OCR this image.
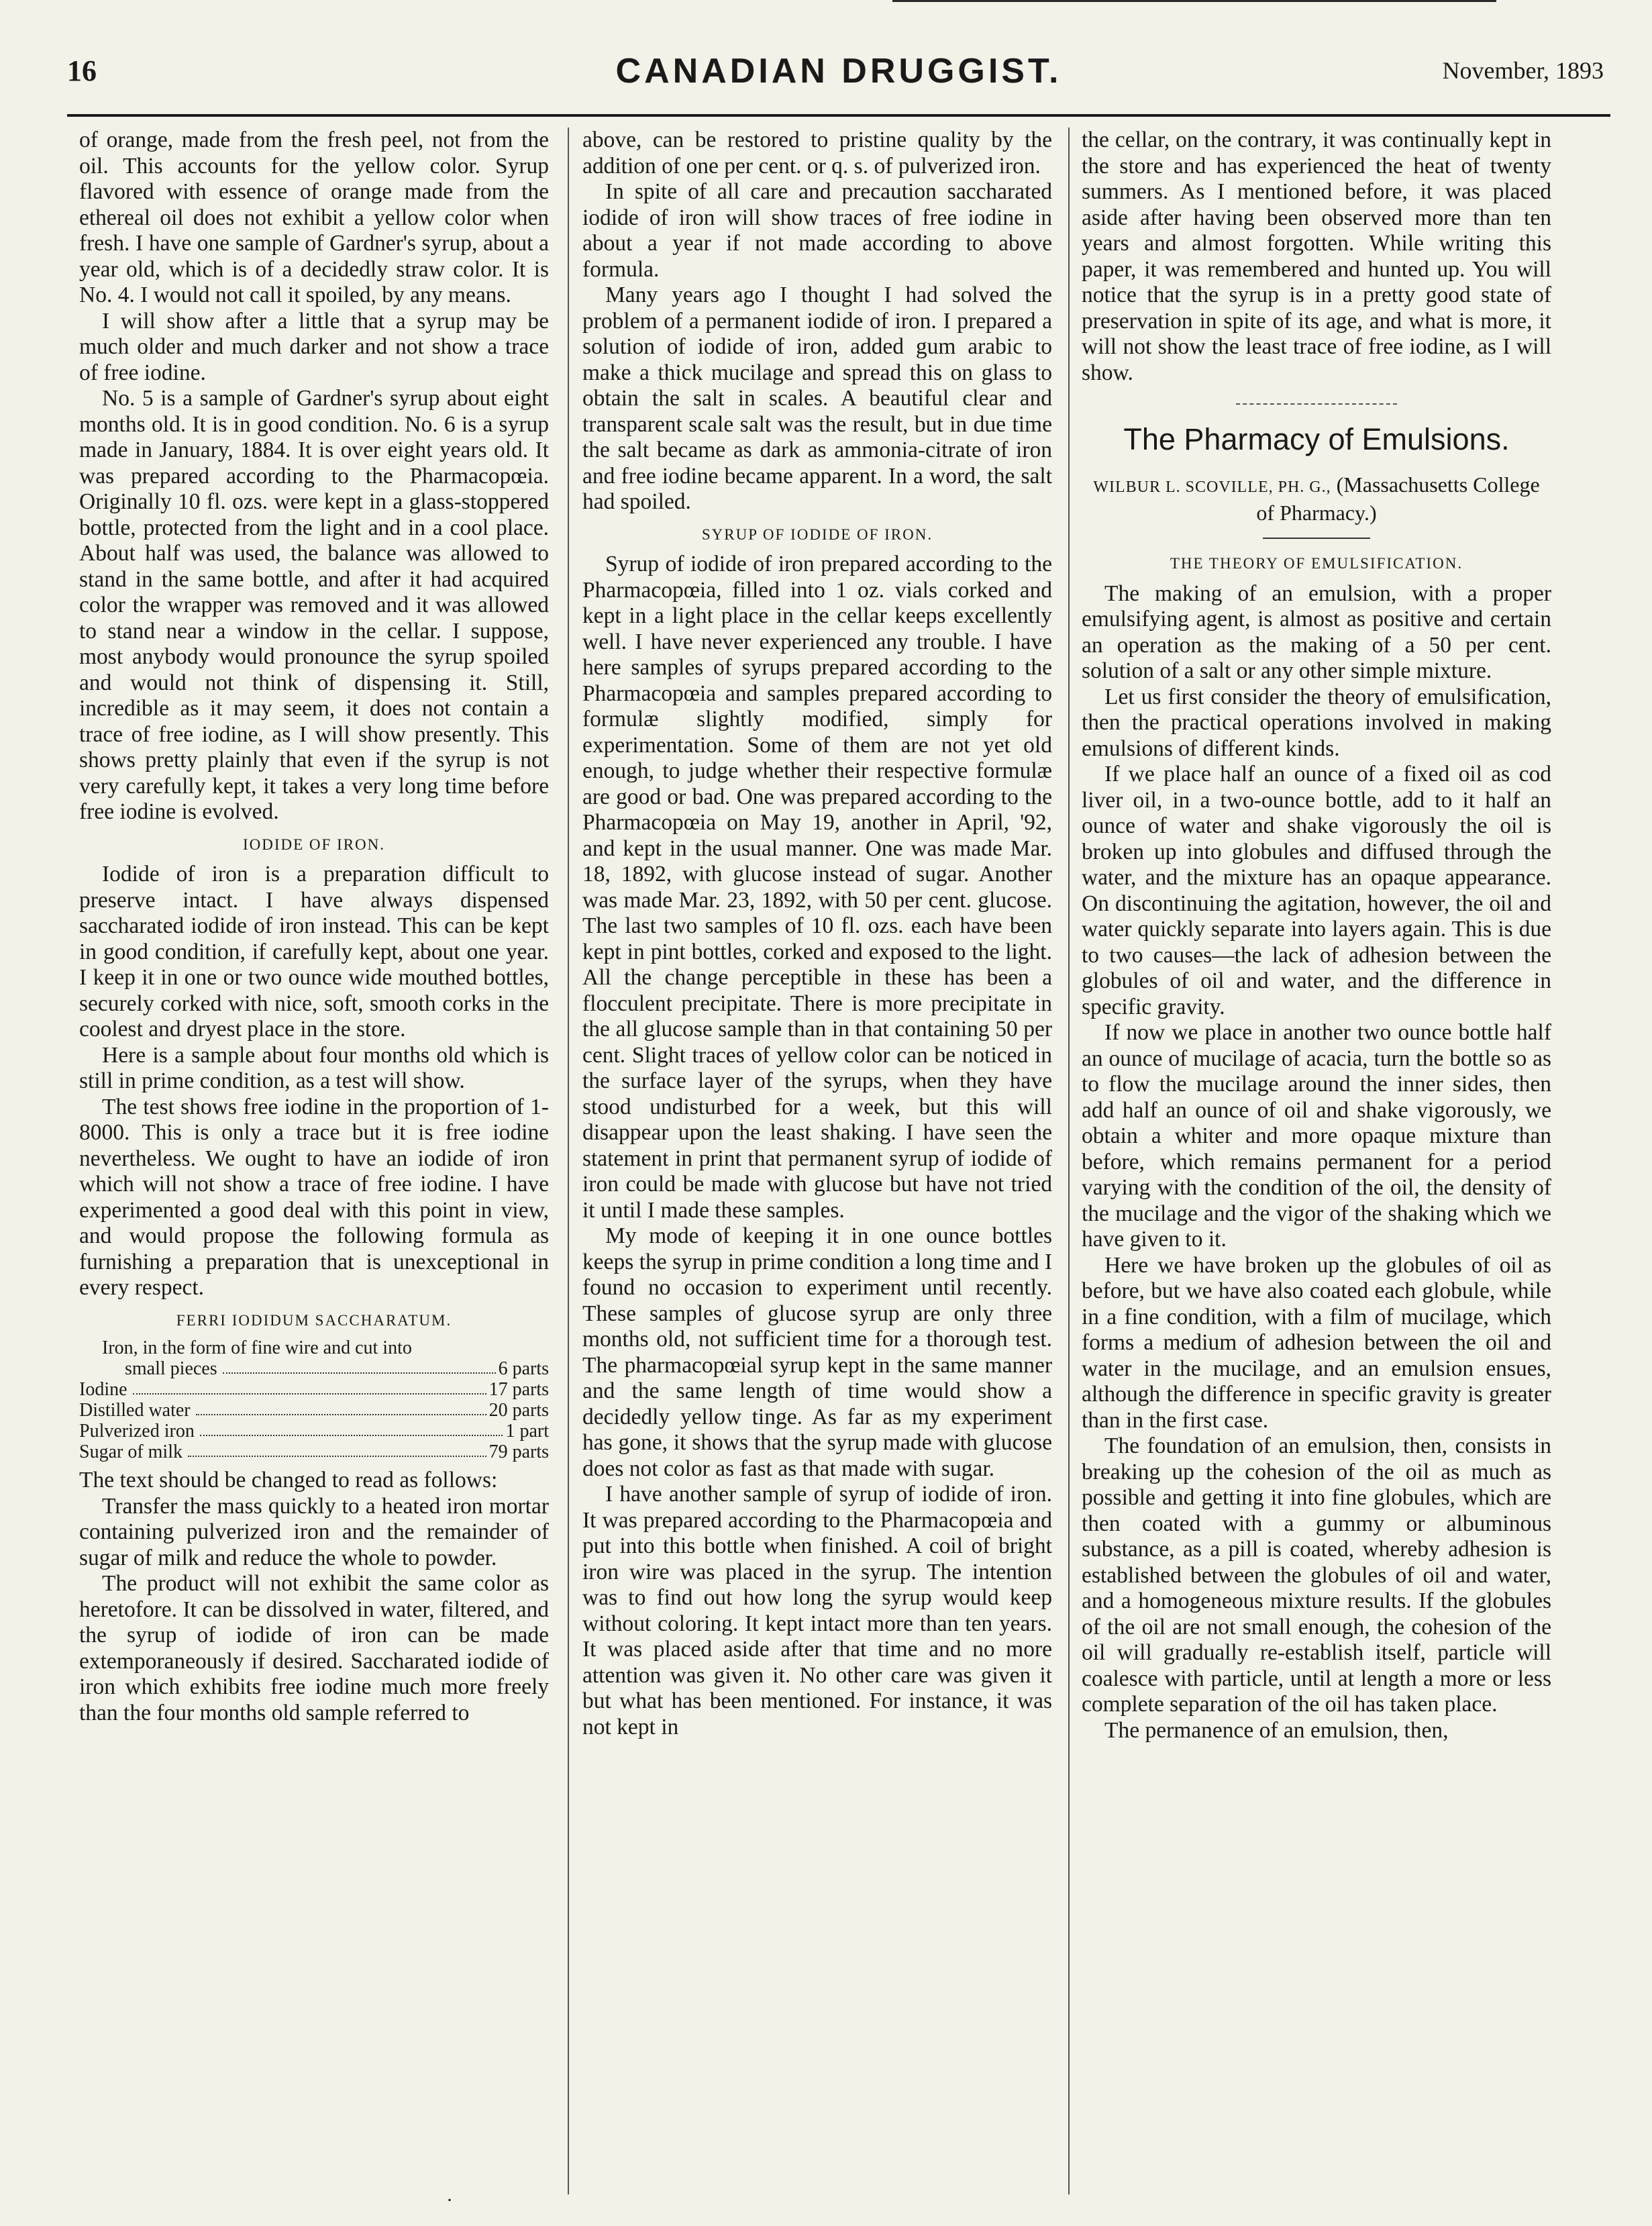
16	CANADIAN DRUGGIST.	November, 1893

of orange, made from the fresh peel, not from the oil. This accounts for the yellow color. Syrup flavored with essence of orange made from the ethereal oil does not exhibit a yellow color when fresh. I have one sample of Gardner's syrup, about a year old, which is of a decidedly straw color. It is No. 4. I would not call it spoiled, by any means.

I will show after a little that a syrup may be much older and much darker and not show a trace of free iodine.

No. 5 is a sample of Gardner's syrup about eight months old. It is in good condition. No. 6 is a syrup made in January, 1884. It is over eight years old. It was prepared according to the Pharmacopœia. Originally 10 fl. ozs. were kept in a glass-stoppered bottle, protected from the light and in a cool place. About half was used, the balance was allowed to stand in the same bottle, and after it had acquired color the wrapper was removed and it was allowed to stand near a window in the cellar. I suppose, most anybody would pronounce the syrup spoiled and would not think of dispensing it. Still, incredible as it may seem, it does not contain a trace of free iodine, as I will show presently. This shows pretty plainly that even if the syrup is not very carefully kept, it takes a very long time before free iodine is evolved.

IODIDE OF IRON.

Iodide of iron is a preparation difficult to preserve intact. I have always dispensed saccharated iodide of iron instead. This can be kept in good condition, if carefully kept, about one year. I keep it in one or two ounce wide mouthed bottles, securely corked with nice, soft, smooth corks in the coolest and dryest place in the store.

Here is a sample about four months old which is still in prime condition, as a test will show.

The test shows free iodine in the proportion of 1-8000. This is only a trace but it is free iodine nevertheless. We ought to have an iodide of iron which will not show a trace of free iodine. I have experimented a good deal with this point in view, and would propose the following formula as furnishing a preparation that is unexceptional in every respect.

FERRI IODIDUM SACCHARATUM.

Iron, in the form of fine wire and cut into
small pieces	6 parts
Iodine	17 parts
Distilled water	20 parts
Pulverized iron	1 part
Sugar of milk	79 parts

The text should be changed to read as follows:

Transfer the mass quickly to a heated iron mortar containing pulverized iron and the remainder of sugar of milk and reduce the whole to powder.

The product will not exhibit the same color as heretofore. It can be dissolved in water, filtered, and the syrup of iodide of iron can be made extemporaneously if desired. Saccharated iodide of iron which exhibits free iodine much more freely than the four months old sample referred to

above, can be restored to pristine quality by the addition of one per cent. or q. s. of pulverized iron.

In spite of all care and precaution saccharated iodide of iron will show traces of free iodine in about a year if not made according to above formula.

Many years ago I thought I had solved the problem of a permanent iodide of iron. I prepared a solution of iodide of iron, added gum arabic to make a thick mucilage and spread this on glass to obtain the salt in scales. A beautiful clear and transparent scale salt was the result, but in due time the salt became as dark as ammonia-citrate of iron and free iodine became apparent. In a word, the salt had spoiled.

SYRUP OF IODIDE OF IRON.

Syrup of iodide of iron prepared according to the Pharmacopœia, filled into 1 oz. vials corked and kept in a light place in the cellar keeps excellently well. I have never experienced any trouble. I have here samples of syrups prepared according to the Pharmacopœia and samples prepared according to formulæ slightly modified, simply for experimentation. Some of them are not yet old enough, to judge whether their respective formulæ are good or bad. One was prepared according to the Pharmacopœia on May 19, another in April, '92, and kept in the usual manner. One was made Mar. 18, 1892, with glucose instead of sugar. Another was made Mar. 23, 1892, with 50 per cent. glucose. The last two samples of 10 fl. ozs. each have been kept in pint bottles, corked and exposed to the light. All the change perceptible in these has been a flocculent precipitate. There is more precipitate in the all glucose sample than in that containing 50 per cent. Slight traces of yellow color can be noticed in the surface layer of the syrups, when they have stood undisturbed for a week, but this will disappear upon the least shaking. I have seen the statement in print that permanent syrup of iodide of iron could be made with glucose but have not tried it until I made these samples.

My mode of keeping it in one ounce bottles keeps the syrup in prime condition a long time and I found no occasion to experiment until recently. These samples of glucose syrup are only three months old, not sufficient time for a thorough test. The pharmacopœial syrup kept in the same manner and the same length of time would show a decidedly yellow tinge. As far as my experiment has gone, it shows that the syrup made with glucose does not color as fast as that made with sugar.

I have another sample of syrup of iodide of iron. It was prepared according to the Pharmacopœia and put into this bottle when finished. A coil of bright iron wire was placed in the syrup. The intention was to find out how long the syrup would keep without coloring. It kept intact more than ten years. It was placed aside after that time and no more attention was given it. No other care was given it but what has been mentioned. For instance, it was not kept in

the cellar, on the contrary, it was continually kept in the store and has experienced the heat of twenty summers. As I mentioned before, it was placed aside after having been observed more than ten years and almost forgotten. While writing this paper, it was remembered and hunted up. You will notice that the syrup is in a pretty good state of preservation in spite of its age, and what is more, it will not show the least trace of free iodine, as I will show.

The Pharmacy of Emulsions.

WILBUR L. SCOVILLE, PH. G., (Massachusetts College of Pharmacy.)

THE THEORY OF EMULSIFICATION.

The making of an emulsion, with a proper emulsifying agent, is almost as positive and certain an operation as the making of a 50 per cent. solution of a salt or any other simple mixture.

Let us first consider the theory of emulsification, then the practical operations involved in making emulsions of different kinds.

If we place half an ounce of a fixed oil as cod liver oil, in a two-ounce bottle, add to it half an ounce of water and shake vigorously the oil is broken up into globules and diffused through the water, and the mixture has an opaque appearance. On discontinuing the agitation, however, the oil and water quickly separate into layers again. This is due to two causes—the lack of adhesion between the globules of oil and water, and the difference in specific gravity.

If now we place in another two ounce bottle half an ounce of mucilage of acacia, turn the bottle so as to flow the mucilage around the inner sides, then add half an ounce of oil and shake vigorously, we obtain a whiter and more opaque mixture than before, which remains permanent for a period varying with the condition of the oil, the density of the mucilage and the vigor of the shaking which we have given to it.

Here we have broken up the globules of oil as before, but we have also coated each globule, while in a fine condition, with a film of mucilage, which forms a medium of adhesion between the oil and water in the mucilage, and an emulsion ensues, although the difference in specific gravity is greater than in the first case.

The foundation of an emulsion, then, consists in breaking up the cohesion of the oil as much as possible and getting it into fine globules, which are then coated with a gummy or albuminous substance, as a pill is coated, whereby adhesion is established between the globules of oil and water, and a homogeneous mixture results. If the globules of the oil are not small enough, the cohesion of the oil will gradually re-establish itself, particle will coalesce with particle, until at length a more or less complete separation of the oil has taken place.

The permanence of an emulsion, then,

·
